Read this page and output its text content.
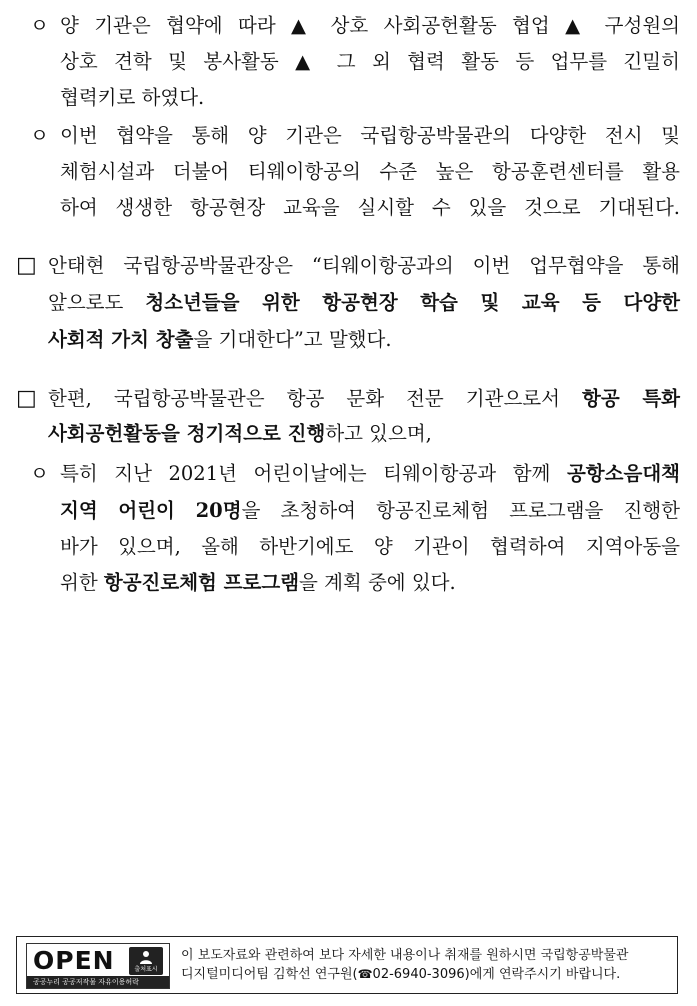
ㅇ 양 기관은 협약에 따라 ▲ 상호 사회공헌활동 협업 ▲ 구성원의
상호 견학 및 봉사활동 ▲ 그 외 협력 활동 등 업무를 긴밀히
협력키로 하였다.
ㅇ 이번 협약을 통해 양 기관은 국립항공박물관의 다양한 전시 및
체험시설과 더불어 티웨이항공의 수준 높은 항공훈련센터를 활용
하여 생생한 항공현장 교육을 실시할 수 있을 것으로 기대된다.
□ 안태현 국립항공박물관장은 “티웨이항공과의 이번 업무협약을 통해
앞으로도 청소년들을 위한 항공현장 학습 및 교육 등 다양한
사회적 가치 창출을 기대한다”고 말했다.
□ 한편, 국립항공박물관은 항공 문화 전문 기관으로서 항공 특화
사회공헌활동을 정기적으로 진행하고 있으며,
ㅇ 특히 지난 2021년 어린이날에는 티웨이항공과 함께 공항소음대책
지역 어린이 20명을 초청하여 항공진로체험 프로그램을 진행한
바가 있으며, 올해 하반기에도 양 기관이 협력하여 지역아동을
위한 항공진로체험 프로그램을 계획 중에 있다.
OPEN	출처표시
공공누리 공공저작물 자유이용허락
이 보도자료와 관련하여 보다 자세한 내용이나 취재를 원하시면 국립항공박물관
디지털미디어팀 김학선 연구원(☎02-6940-3096)에게 연락주시기 바랍니다.
